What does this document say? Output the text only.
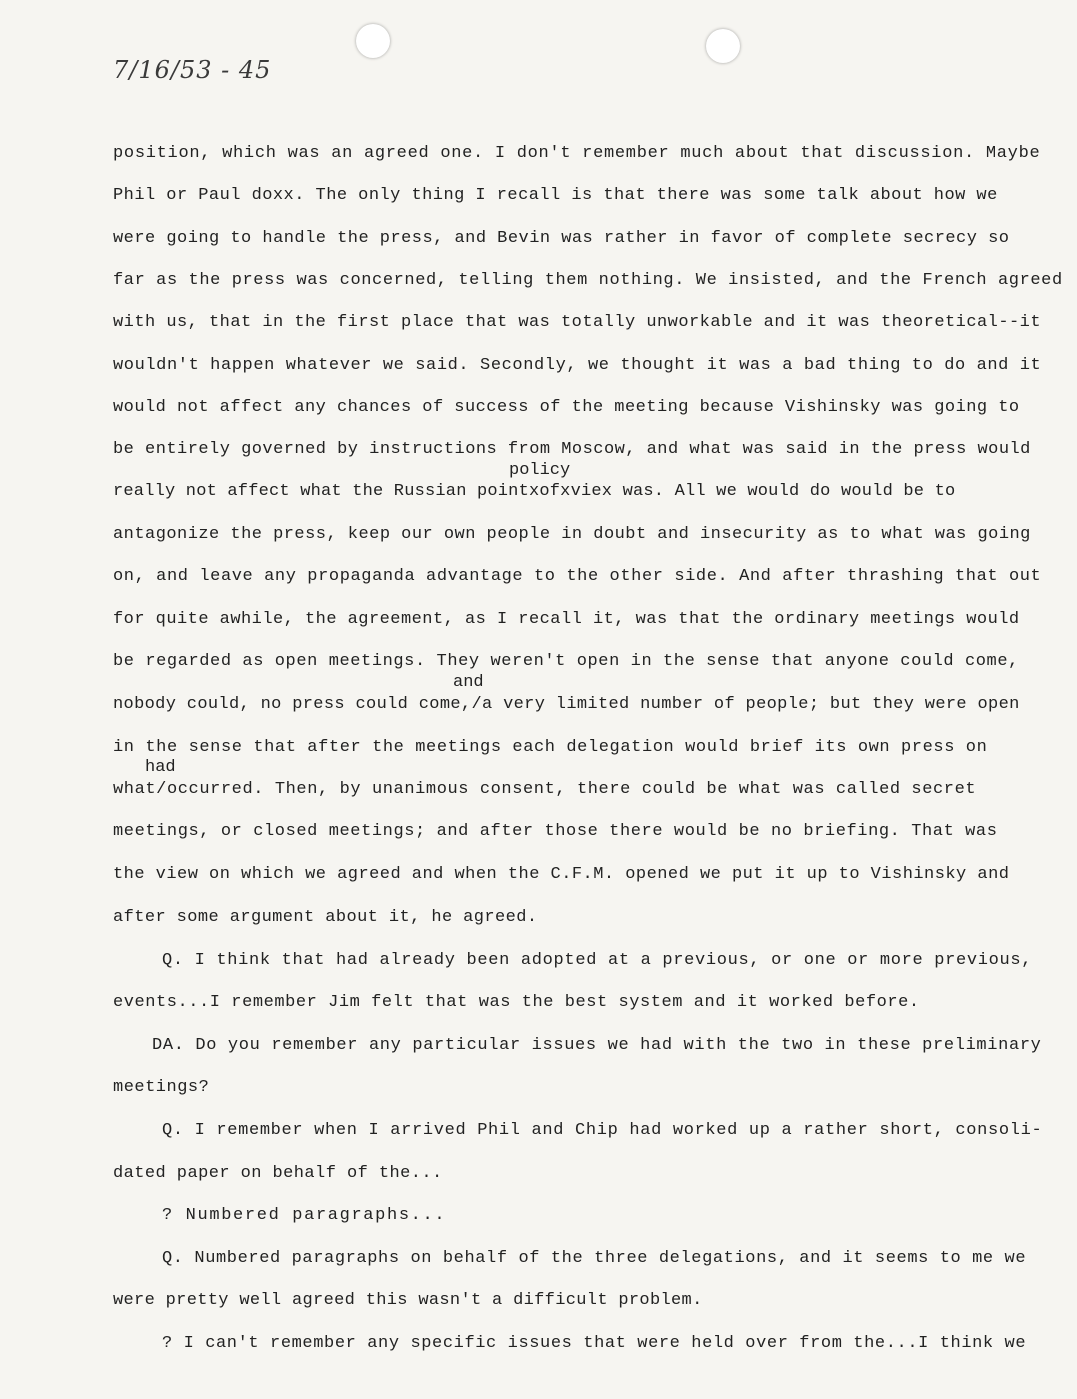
7/16/53 - 45
position, which was an agreed one. I don't remember much about that discussion. Maybe
Phil or Paul doxx. The only thing I recall is that there was some talk about how we
were going to handle the press, and Bevin was rather in favor of complete secrecy so
far as the press was concerned, telling them nothing. We insisted, and the French agreed
with us, that in the first place that was totally unworkable and it was theoretical--it
wouldn't happen whatever we said. Secondly, we thought it was a bad thing to do and it
would not affect any chances of success of the meeting because Vishinsky was going to
be entirely governed by instructions from Moscow, and what was said in the press would
policy
really not affect what the Russian pointxofxviex was. All we would do would be to
antagonize the press, keep our own people in doubt and insecurity as to what was going
on, and leave any propaganda advantage to the other side. And after thrashing that out
for quite awhile, the agreement, as I recall it, was that the ordinary meetings would
be regarded as open meetings. They weren't open in the sense that anyone could come,
and
nobody could, no press could come,/a very limited number of people; but they were open
in the sense that after the meetings each delegation would brief its own press on
had
what/occurred. Then, by unanimous consent, there could be what was called secret
meetings, or closed meetings; and after those there would be no briefing. That was
the view on which we agreed and when the C.F.M. opened we put it up to Vishinsky and
after some argument about it, he agreed.
Q. I think that had already been adopted at a previous, or one or more previous,
events...I remember Jim felt that was the best system and it worked before.
DA. Do you remember any particular issues we had with the two in these preliminary
meetings?
Q. I remember when I arrived Phil and Chip had worked up a rather short, consoli-
dated paper on behalf of the...
? Numbered paragraphs...
Q. Numbered paragraphs on behalf of the three delegations, and it seems to me we
were pretty well agreed this wasn't a difficult problem.
? I can't remember any specific issues that were held over from the...I think we
